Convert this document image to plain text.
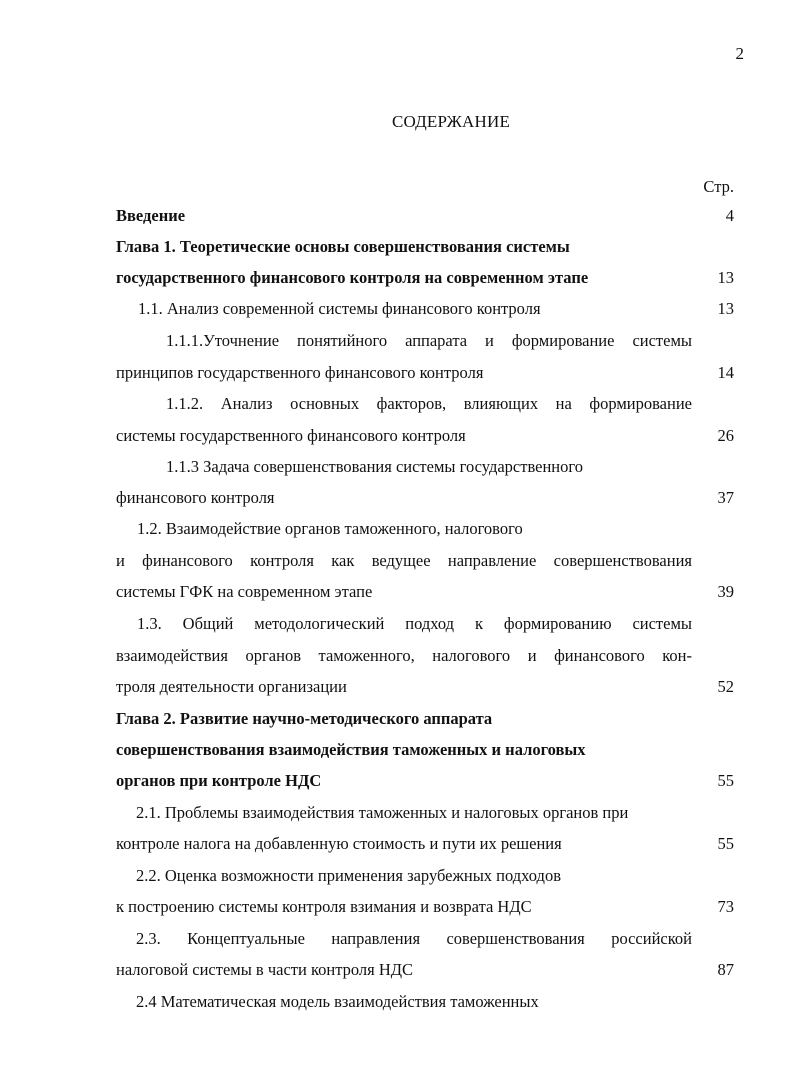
2
СОДЕРЖАНИЕ
Стр.
Введение	4
Глава 1. Теоретические основы совершенствования системы
государственного финансового контроля на современном этапе	13
1.1. Анализ современной системы финансового контроля	13
1.1.1.Уточнение понятийного аппарата и формирование системы
принципов государственного финансового контроля	14
1.1.2. Анализ основных факторов, влияющих на формирование
системы государственного финансового контроля	26
1.1.3 Задача совершенствования системы государственного
финансового контроля	37
1.2. Взаимодействие органов таможенного, налогового
и финансового контроля как ведущее направление совершенствования
системы ГФК на современном этапе	39
1.3. Общий методологический подход к формированию системы
взаимодействия органов таможенного, налогового и финансового кон-
троля деятельности организации	52
Глава 2. Развитие научно-методического аппарата
совершенствования взаимодействия таможенных и налоговых
органов при контроле НДС	55
2.1. Проблемы взаимодействия таможенных и налоговых органов при
контроле налога на добавленную стоимость и пути их решения	55
2.2. Оценка возможности применения зарубежных подходов
к построению системы контроля взимания и возврата НДС	73
2.3. Концептуальные направления совершенствования российской
налоговой системы в части контроля НДС	87
2.4 Математическая модель взаимодействия таможенных
